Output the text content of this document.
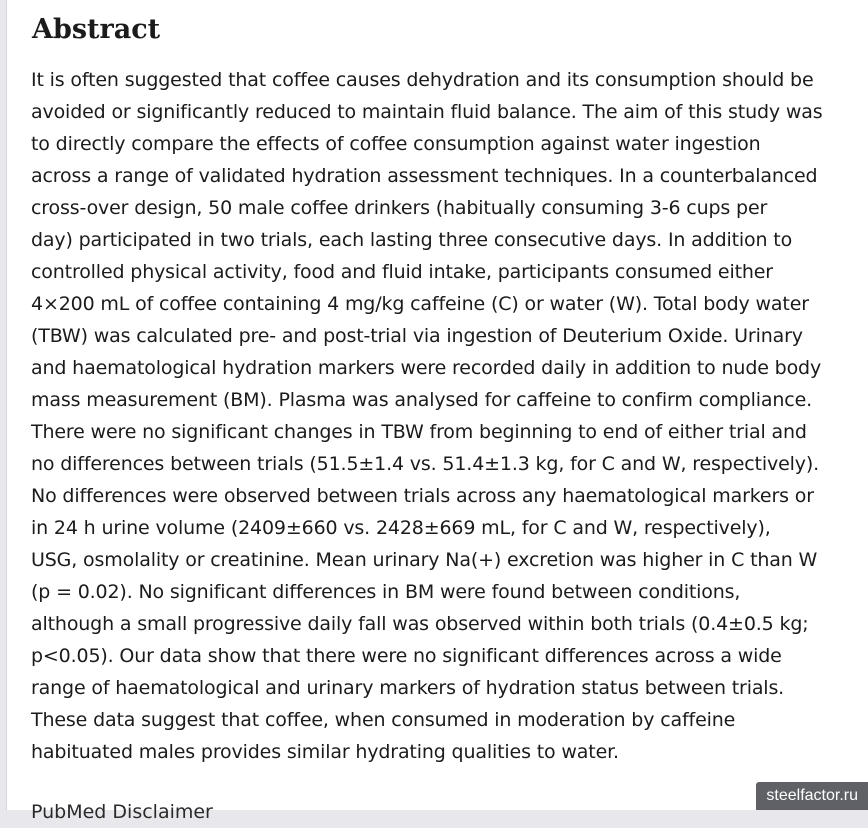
Abstract

It is often suggested that coffee causes dehydration and its consumption should be
avoided or significantly reduced to maintain fluid balance. The aim of this study was
to directly compare the effects of coffee consumption against water ingestion
across a range of validated hydration assessment techniques. In a counterbalanced
cross-over design, 50 male coffee drinkers (habitually consuming 3-6 cups per
day) participated in two trials, each lasting three consecutive days. In addition to
controlled physical activity, food and fluid intake, participants consumed either
4×200 mL of coffee containing 4 mg/kg caffeine (C) or water (W). Total body water
(TBW) was calculated pre- and post-trial via ingestion of Deuterium Oxide. Urinary
and haematological hydration markers were recorded daily in addition to nude body
mass measurement (BM). Plasma was analysed for caffeine to confirm compliance.
There were no significant changes in TBW from beginning to end of either trial and
no differences between trials (51.5±1.4 vs. 51.4±1.3 kg, for C and W, respectively).
No differences were observed between trials across any haematological markers or
in 24 h urine volume (2409±660 vs. 2428±669 mL, for C and W, respectively),
USG, osmolality or creatinine. Mean urinary Na(+) excretion was higher in C than W
(p = 0.02). No significant differences in BM were found between conditions,
although a small progressive daily fall was observed within both trials (0.4±0.5 kg;
p<0.05). Our data show that there were no significant differences across a wide
range of haematological and urinary markers of hydration status between trials.
These data suggest that coffee, when consumed in moderation by caffeine
habituated males provides similar hydrating qualities to water.

PubMed Disclaimer
steelfactor.ru
